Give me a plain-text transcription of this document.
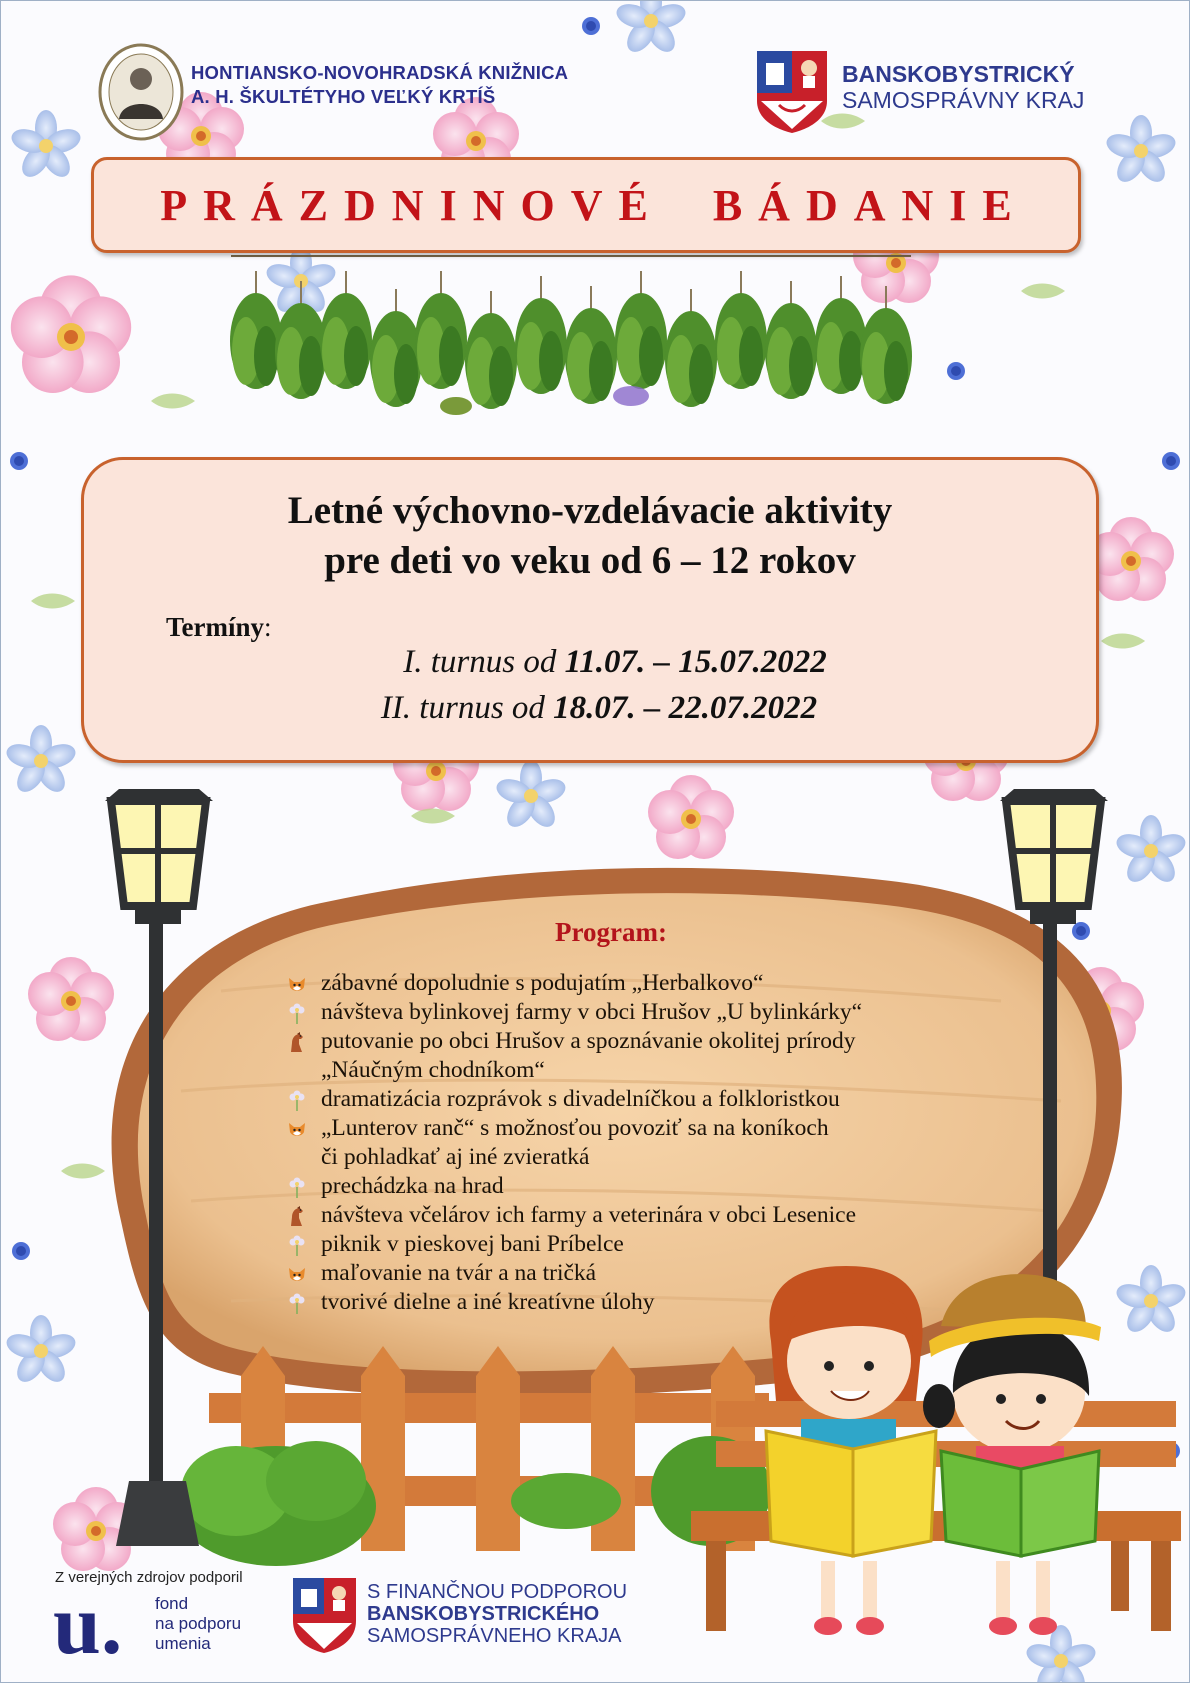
HONTIANSKO-NOVOHRADSKÁ KNIŽNICA
A. H. ŠKULTÉTYHO VEĽKÝ KRTÍŠ
BANSKOBYSTRICKÝ
SAMOSPRÁVNY KRAJ
PRÁZDNINOVÉ BÁDANIE
Letné výchovno-vzdelávacie aktivity
pre deti vo veku od 6 – 12 rokov
Termíny:
I. turnus od 11.07. – 15.07.2022
II. turnus od 18.07. – 22.07.2022
Program:
zábavné dopoludnie s podujatím „Herbalkovo“
návšteva bylinkovej farmy v obci Hrušov „U bylinkárky“
putovanie po obci Hrušov a spoznávanie okolitej prírody
„Náučným chodníkom“
dramatizácia rozprávok s divadelníčkou a folkloristkou
„Lunterov ranč“ s možnosťou povoziť sa na koníkoch
či pohladkať aj iné zvieratká
prechádzka na hrad
návšteva včelárov ich farmy a veterinára v obci Lesenice
piknik v pieskovej bani Príbelce
maľovanie na tvár a na tričká
tvorivé dielne a iné kreatívne úlohy
Z verejných zdrojov podporil
u. fond
na podporu
umenia
S FINANČNOU PODPOROU
BANSKOBYSTRICKÉHO
SAMOSPRÁVNEHO KRAJA
